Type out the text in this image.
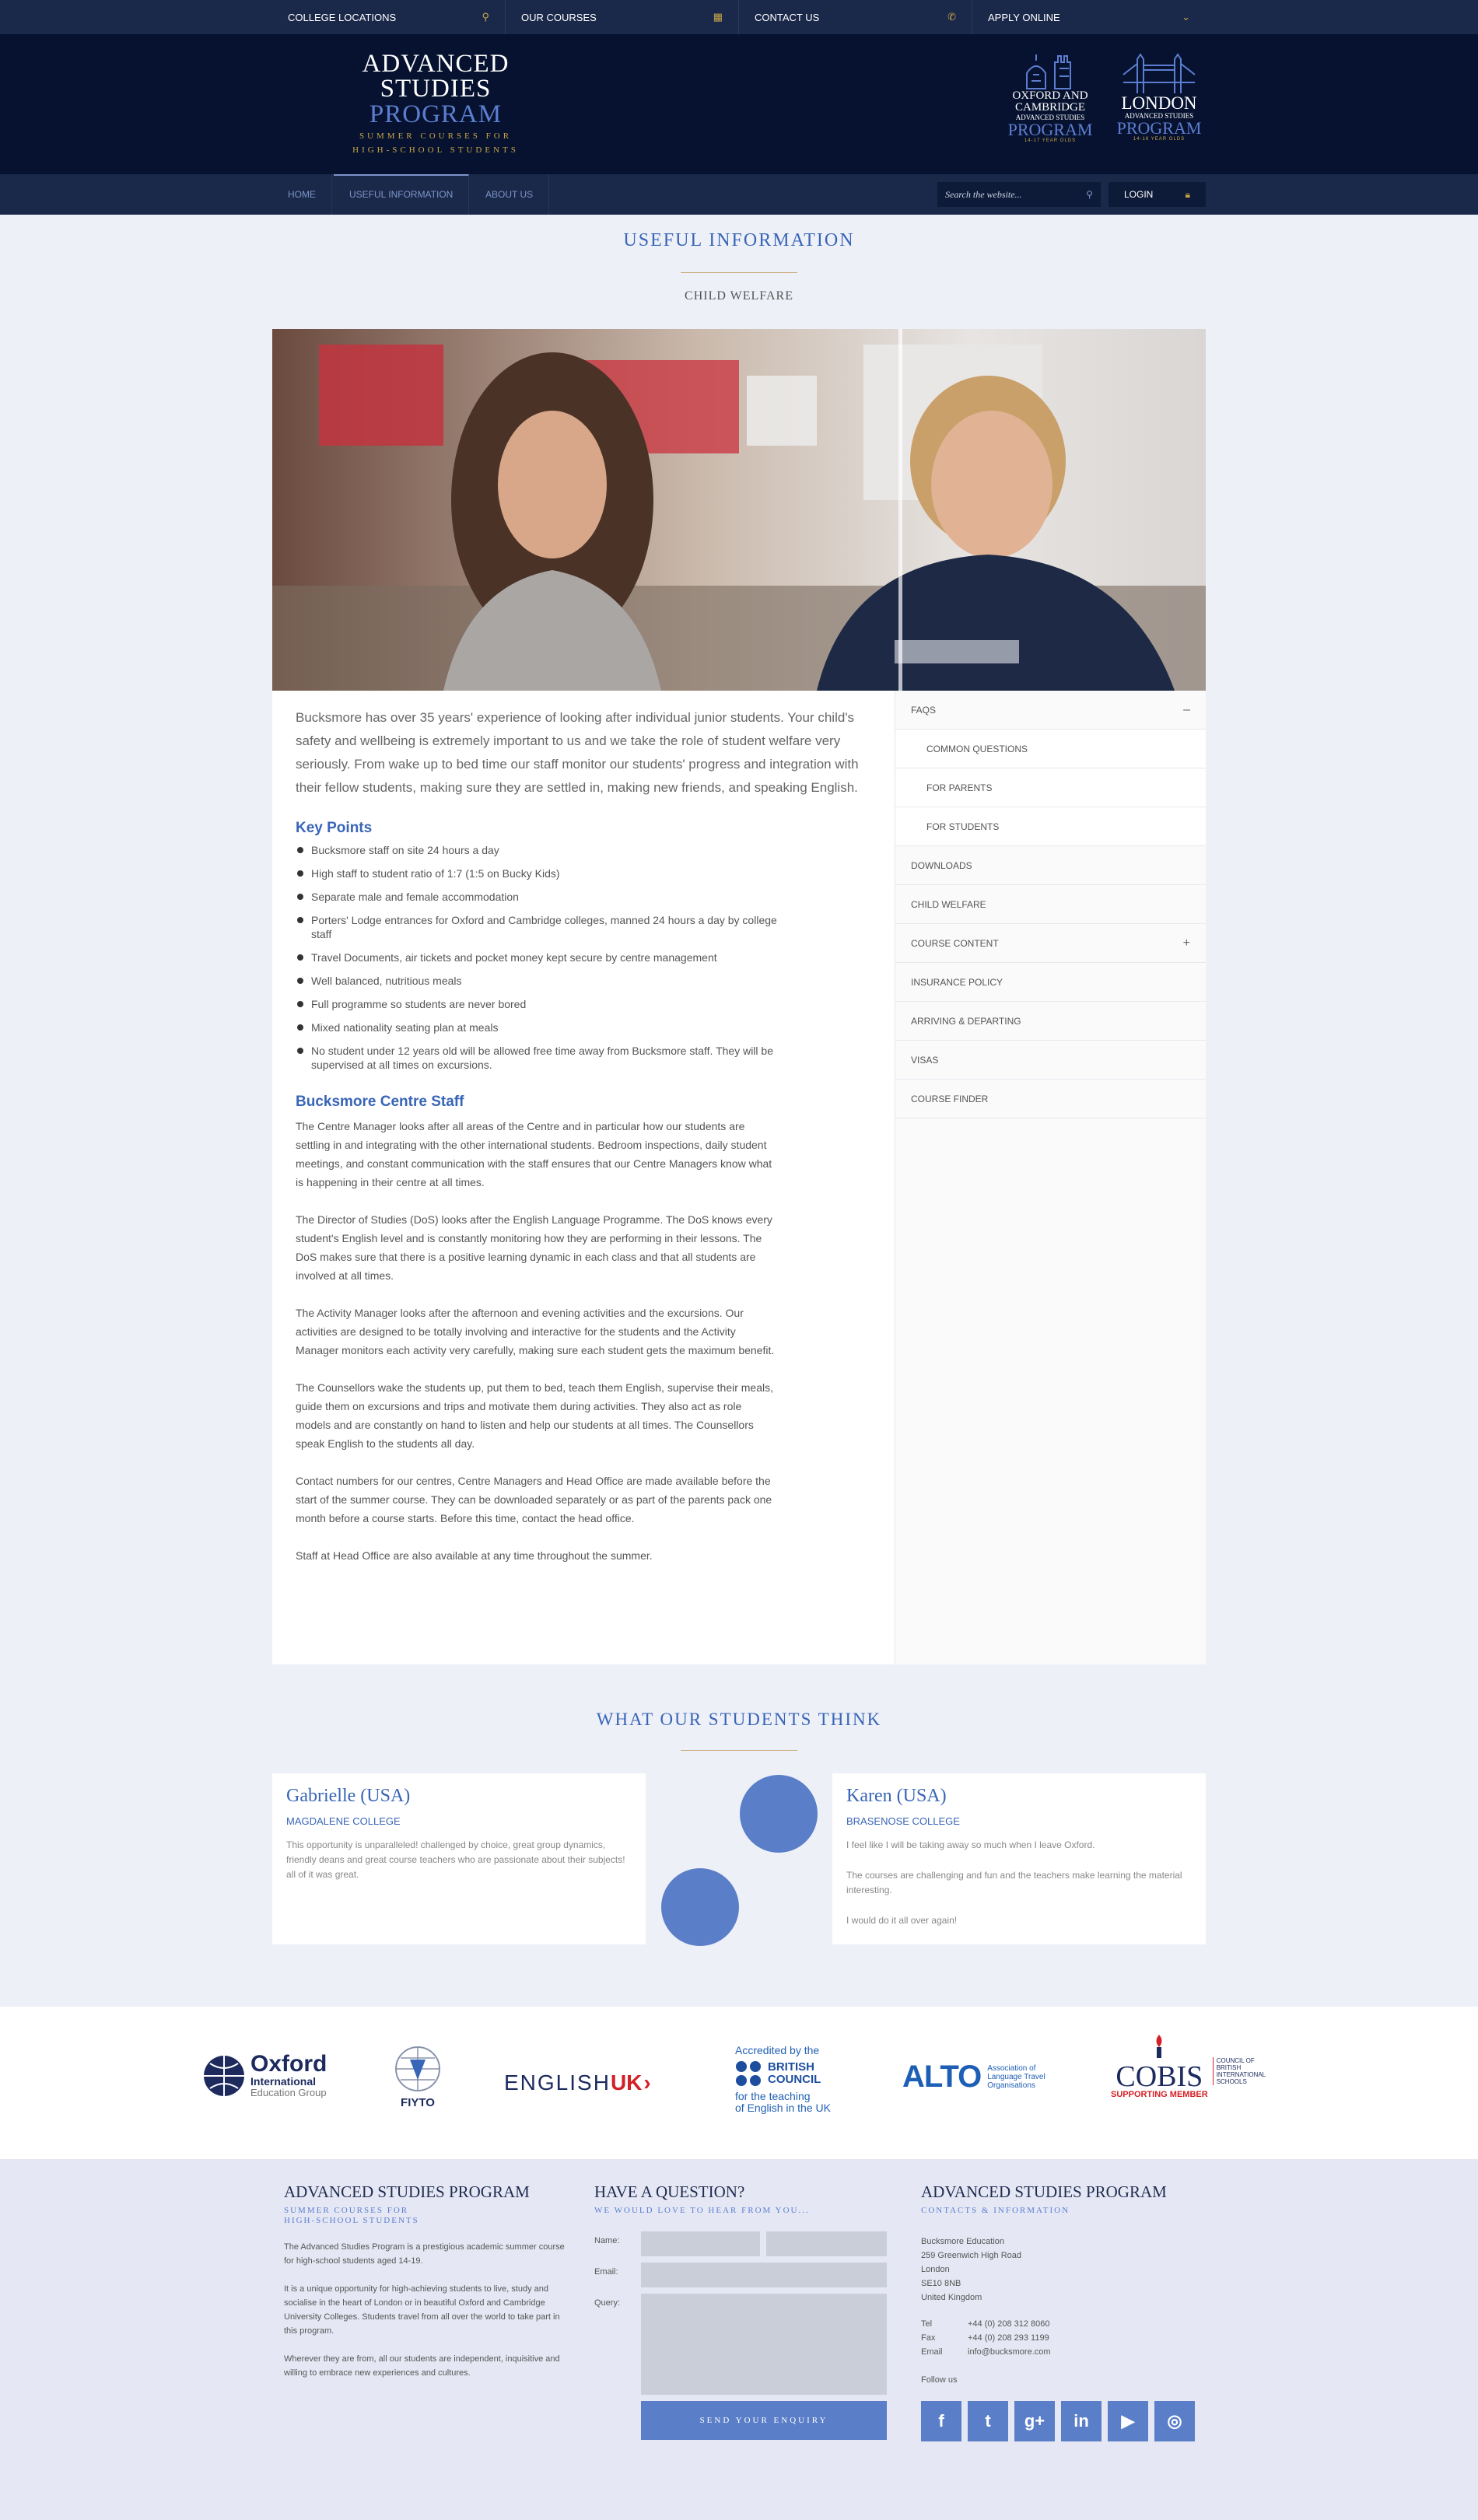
COLLEGE LOCATIONS	⚲	OUR COURSES	▦	CONTACT US	✆	APPLY ONLINE	⌄
ADVANCED
STUDIES
PROGRAM
SUMMER COURSES FOR
HIGH-SCHOOL STUDENTS
OXFORD AND
CAMBRIDGE
ADVANCED STUDIES
PROGRAM
14-17 YEAR OLDS
LONDON
ADVANCED STUDIES
PROGRAM
14-16 YEAR OLDS
HOME	USEFUL INFORMATION	ABOUT US
Search the website...	⚲	LOGIN	🔒︎
USEFUL INFORMATION
CHILD WELFARE

Bucksmore has over 35 years' experience of looking after individual junior students. Your child's safety and wellbeing is extremely important to us and we take the role of student welfare very seriously. From wake up to bed time our staff monitor our students' progress and integration with their fellow students, making sure they are settled in, making new friends, and speaking English.

Key Points
Bucksmore staff on site 24 hours a day
High staff to student ratio of 1:7 (1:5 on Bucky Kids)
Separate male and female accommodation
Porters' Lodge entrances for Oxford and Cambridge colleges, manned 24 hours a day by college staff
Travel Documents, air tickets and pocket money kept secure by centre management
Well balanced, nutritious meals
Full programme so students are never bored
Mixed nationality seating plan at meals
No student under 12 years old will be allowed free time away from Bucksmore staff. They will be supervised at all times on excursions.
Bucksmore Centre Staff

The Centre Manager looks after all areas of the Centre and in particular how our students are settling in and integrating with the other international students. Bedroom inspections, daily student meetings, and constant communication with the staff ensures that our Centre Managers know what is happening in their centre at all times.

The Director of Studies (DoS) looks after the English Language Programme. The DoS knows every student's English level and is constantly monitoring how they are performing in their lessons. The DoS makes sure that there is a positive learning dynamic in each class and that all students are involved at all times.

The Activity Manager looks after the afternoon and evening activities and the excursions. Our activities are designed to be totally involving and interactive for the students and the Activity Manager monitors each activity very carefully, making sure each student gets the maximum benefit.

The Counsellors wake the students up, put them to bed, teach them English, supervise their meals, guide them on excursions and trips and motivate them during activities. They also act as role models and are constantly on hand to listen and help our students at all times. The Counsellors speak English to the students all day.

Contact numbers for our centres, Centre Managers and Head Office are made available before the start of the summer course. They can be downloaded separately or as part of the parents pack one month before a course starts. Before this time, contact the head office.

Staff at Head Office are also available at any time throughout the summer.

FAQS	–
COMMON QUESTIONS
FOR PARENTS
FOR STUDENTS
DOWNLOADS
CHILD WELFARE
COURSE CONTENT	+
INSURANCE POLICY
ARRIVING & DEPARTING
VISAS
COURSE FINDER
WHAT OUR STUDENTS THINK
Gabrielle (USA)
MAGDALENE COLLEGE
This opportunity is unparalleled! challenged by choice, great group dynamics, friendly deans and great course teachers who are passionate about their subjects! all of it was great.
Karen (USA)
BRASENOSE COLLEGE
I feel like I will be taking away so much when I leave Oxford.
The courses are challenging and fun and the teachers make learning the material interesting.
I would do it all over again!
Oxford
International
Education Group
FIYTO
ENGLISH UK ›
Accredited by the
BRITISH
COUNCIL
for the teaching
of English in the UK
ALTO Association of
Language Travel
Organisations	COBIS
SUPPORTING MEMBER
COUNCIL OF
BRITISH
INTERNATIONAL
SCHOOLS
ADVANCED STUDIES PROGRAM
SUMMER COURSES FOR
HIGH-SCHOOL STUDENTS

The Advanced Studies Program is a prestigious academic summer course for high-school students aged 14-19.

It is a unique opportunity for high-achieving students to live, study and socialise in the heart of London or in beautiful Oxford and Cambridge University Colleges. Students travel from all over the world to take part in this program.

Wherever they are from, all our students are independent, inquisitive and willing to embrace new experiences and cultures.

HAVE A QUESTION?
WE WOULD LOVE TO HEAR FROM YOU...
Name:
Email:
Query:
SEND YOUR ENQUIRY
ADVANCED STUDIES PROGRAM
CONTACTS & INFORMATION
Bucksmore Education
259 Greenwich High Road
London
SE10 8NB
United Kingdom
Tel	+44 (0) 208 312 8060
Fax	+44 (0) 208 293 1199
Email	info@bucksmore.com
Follow us
f	t	g+	in	▶	◎
